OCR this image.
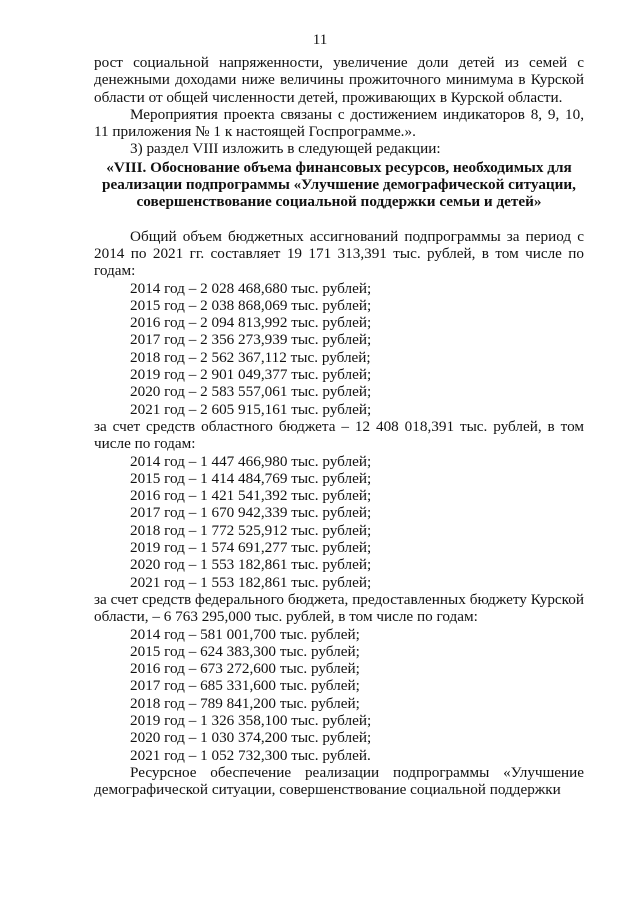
11

рост социальной напряженности, увеличение доли детей из семей с денежными доходами ниже величины прожиточного минимума в Курской области от общей численности детей, проживающих в Курской области.

Мероприятия проекта связаны с достижением индикаторов 8, 9, 10, 11 приложения № 1 к настоящей Госпрограмме.».

3) раздел VIII изложить в следующей редакции:

«VIII. Обоснование объема финансовых ресурсов, необходимых для реализации подпрограммы «Улучшение демографической ситуации, совершенствование социальной поддержки семьи и детей»

Общий объем бюджетных ассигнований подпрограммы за период с 2014 по 2021 гг. составляет 19 171 313,391 тыс. рублей, в том числе по годам:

2014 год – 2 028 468,680 тыс. рублей;
2015 год – 2 038 868,069 тыс. рублей;
2016 год – 2 094 813,992 тыс. рублей;
2017 год – 2 356 273,939 тыс. рублей;
2018 год – 2 562 367,112 тыс. рублей;
2019 год – 2 901 049,377 тыс. рублей;
2020 год – 2 583 557,061 тыс. рублей;
2021 год – 2 605 915,161 тыс. рублей;

за счет средств областного бюджета – 12 408 018,391 тыс. рублей, в том числе по годам:

2014 год – 1 447 466,980 тыс. рублей;
2015 год – 1 414 484,769 тыс. рублей;
2016 год – 1 421 541,392 тыс. рублей;
2017 год – 1 670 942,339 тыс. рублей;
2018 год – 1 772 525,912 тыс. рублей;
2019 год – 1 574 691,277 тыс. рублей;
2020 год – 1 553 182,861 тыс. рублей;
2021 год – 1 553 182,861 тыс. рублей;

за счет средств федерального бюджета, предоставленных бюджету Курской области, – 6 763 295,000 тыс. рублей, в том числе по годам:

2014 год – 581 001,700 тыс. рублей;
2015 год – 624 383,300 тыс. рублей;
2016 год – 673 272,600 тыс. рублей;
2017 год – 685 331,600 тыс. рублей;
2018 год – 789 841,200 тыс. рублей;
2019 год – 1 326 358,100 тыс. рублей;
2020 год – 1 030 374,200 тыс. рублей;
2021 год – 1 052 732,300 тыс. рублей.

Ресурсное обеспечение реализации подпрограммы «Улучшение демографической ситуации, совершенствование социальной поддержки
